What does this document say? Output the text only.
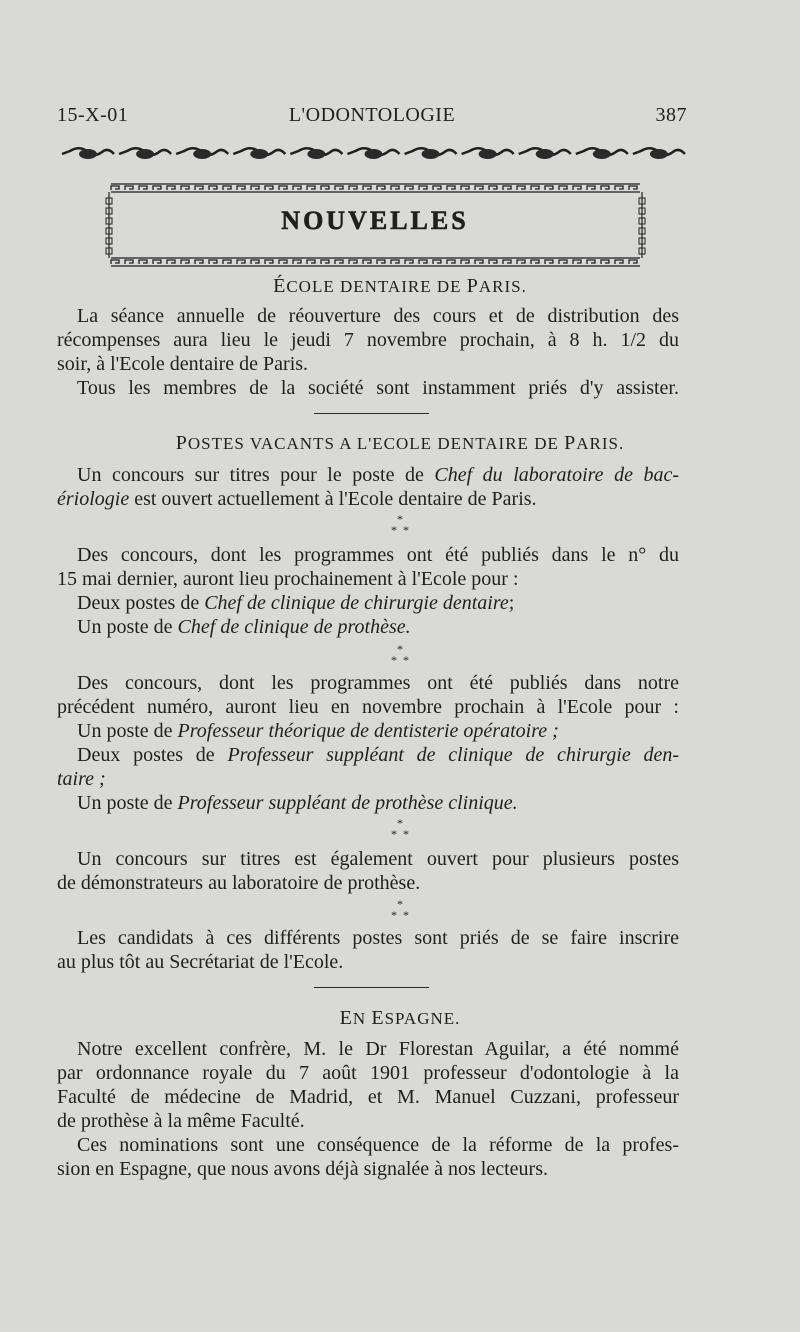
15-X-01	L'ODONTOLOGIE	387
NOUVELLES
ÉCOLE DENTAIRE DE PARIS.
La séance annuelle de réouverture des cours et de distribution des
récompenses aura lieu le jeudi 7 novembre prochain, à 8 h. 1/2 du
soir, à l'Ecole dentaire de Paris.
Tous les membres de la société sont instamment priés d'y assister.
POSTES VACANTS A L'ECOLE DENTAIRE DE PARIS.
Un concours sur titres pour le poste de Chef du laboratoire de bac-
ériologie est ouvert actuellement à l'Ecole dentaire de Paris.
*
* *
Des concours, dont les programmes ont été publiés dans le n° du
15 mai dernier, auront lieu prochainement à l'Ecole pour :
Deux postes de Chef de clinique de chirurgie dentaire;
Un poste de Chef de clinique de prothèse.
*
* *
Des concours, dont les programmes ont été publiés dans notre
précédent numéro, auront lieu en novembre prochain à l'Ecole pour :
Un poste de Professeur théorique de dentisterie opératoire ;
Deux postes de Professeur suppléant de clinique de chirurgie den-
taire ;
Un poste de Professeur suppléant de prothèse clinique.
*
* *
Un concours sur titres est également ouvert pour plusieurs postes
de démonstrateurs au laboratoire de prothèse.
*
* *
Les candidats à ces différents postes sont priés de se faire inscrire
au plus tôt au Secrétariat de l'Ecole.
EN ESPAGNE.
Notre excellent confrère, M. le Dr Florestan Aguilar, a été nommé
par ordonnance royale du 7 août 1901 professeur d'odontologie à la
Faculté de médecine de Madrid, et M. Manuel Cuzzani, professeur
de prothèse à la même Faculté.
Ces nominations sont une conséquence de la réforme de la profes-
sion en Espagne, que nous avons déjà signalée à nos lecteurs.
